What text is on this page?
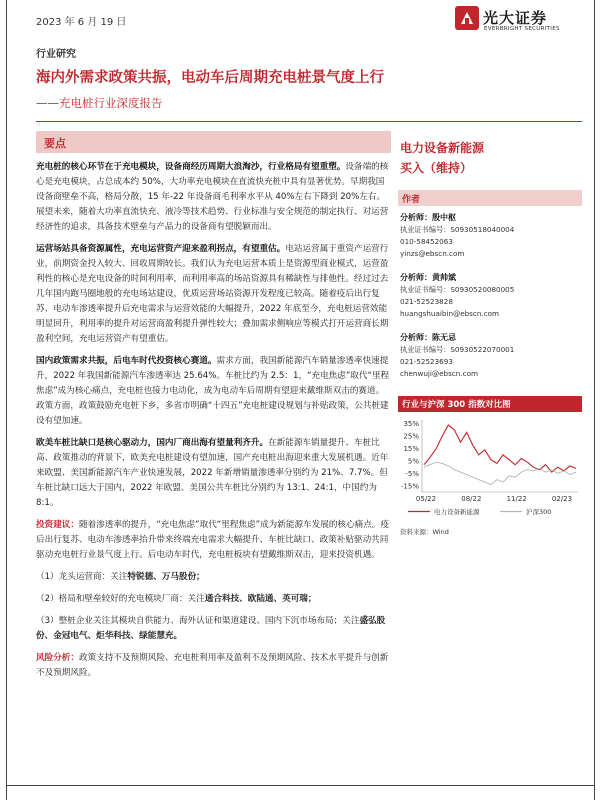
2023 年 6 月 19 日	光大证券
EVERBRIGHT SECURITIES
行业研究
海内外需求政策共振，电动车后周期充电桩景气度上行
——充电桩行业深度报告
要点

充电桩的核心环节在于充电模块，设备商经历周期大浪淘沙，行业格局有望重塑。设备端的核心是充电模块，占总成本约 50%，大功率充电模块在直流快充桩中具有显著优势。早期我国设备商壁垒不高，格局分散，15 年-22 年设备商毛利率水平从 40%左右下降到 20%左右。展望未来，随着大功率直流快充、液冷等技术趋势、行业标准与安全规范的制定执行、对运营经济性的追求，具备技术壁垒与产品力的设备商有望脱颖而出。

运营场站具备资源属性，充电运营资产迎来盈利拐点，有望重估。电站运营属于重资产运营行业，前期资金投入较大、回收周期较长。我们认为充电运营本质上是资源型商业模式，运营盈利性的核心是充电设备的时间利用率，而利用率高的场站资源具有稀缺性与排他性。经过过去几年国内跑马圈地般的充电场站建设，优质运营场站资源开发程度已较高。随着疫后出行复苏、电动车渗透率提升后充电需求与运营效能的大幅提升，2022 年底至今，充电桩运营效能明显回升，利用率的提升对运营商盈利提升弹性较大；叠加需求侧响应等模式打开运营商长期盈利空间，充电运营资产有望重估。

国内政策需求共振，后电车时代投资核心赛道。需求方面，我国新能源汽车销量渗透率快速提升，2022 年我国新能源汽车渗透率达 25.64%。车桩比约为 2.5：1，“充电焦虑”取代“里程焦虑”成为核心痛点，充电桩也接力电动化，成为电动车后周期有望迎来戴维斯双击的赛道。政策方面，政策鼓励充电桩下乡，多省市明确“十四五”充电桩建设规划与补贴政策，公共桩建设有望加速。

欧美车桩比缺口是核心驱动力，国内厂商出海有望量利齐升。在新能源车销量提升、车桩比高、政策推动的背景下，欧美充电桩建设有望加速，国产充电桩出海迎来重大发展机遇。近年来欧盟、美国新能源汽车产业快速发展，2022 年新增销量渗透率分别约为 21%、7.7%。但车桩比缺口远大于国内，2022 年欧盟、美国公共车桩比分别约为 13:1、24:1，中国约为 8:1。

投资建议：随着渗透率的提升，“充电焦虑”取代“里程焦虑”成为新能源车发展的核心痛点。疫后出行复苏、电动车渗透率抬升带来终端充电需求大幅提升、车桩比缺口、政策补贴驱动共同驱动充电桩行业景气度上行。后电动车时代，充电桩板块有望戴维斯双击，迎来投资机遇。

（1）龙头运营商：关注特锐德、万马股份；

（2）格局和壁垒较好的充电模块厂商：关注通合科技、欧陆通、英可瑞；

（3）整桩企业关注其模块自供能力、海外认证和渠道建设、国内下沉市场布局；关注盛弘股份、金冠电气、炬华科技、绿能慧充。

风险分析：政策支持不及预期风险、充电桩利用率及盈利不及预期风险、技术水平提升与创新不及预期风险。

电力设备新能源
买入（维持）
作者
分析师：殷中枢
执业证书编号：S0930518040004
010-58452063
yinzs@ebscn.com
分析师：黄帅斌
执业证书编号：S0930520080005
021-52523828
huangshuaibin@ebscn.com
分析师：陈无忌
执业证书编号：S0930522070001
021-52523693
chenwuji@ebscn.com
行业与沪深 300 指数对比图
35%
25%
15%
5%
-5%
-15%
05/22	08/22	11/22	02/23
电力设备新能源	沪深300
资料来源：Wind
